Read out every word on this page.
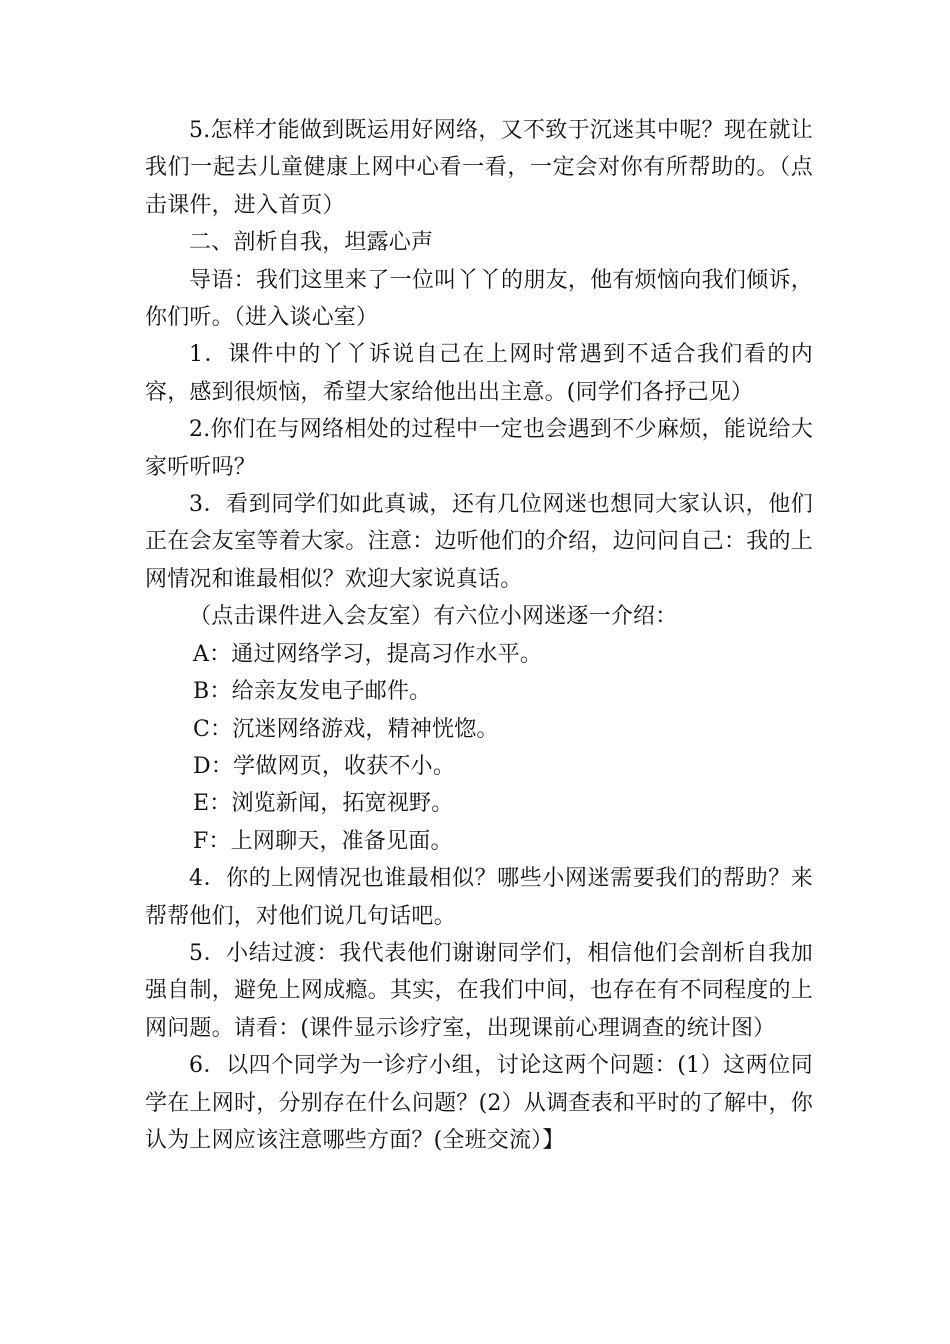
5.怎样才能做到既运用好网络，又不致于沉迷其中呢？现在就让我们一起去儿童健康上网中心看一看，一定会对你有所帮助的。（点击课件，进入首页）

二、剖析自我，坦露心声

导语：我们这里来了一位叫丫丫的朋友，他有烦恼向我们倾诉，你们听。（进入谈心室）

1．课件中的丫丫诉说自己在上网时常遇到不适合我们看的内容，感到很烦恼，希望大家给他出出主意。(同学们各抒己见）

2.你们在与网络相处的过程中一定也会遇到不少麻烦，能说给大家听听吗？

3．看到同学们如此真诚，还有几位网迷也想同大家认识，他们正在会友室等着大家。注意：边听他们的介绍，边问问自己：我的上网情况和谁最相似？欢迎大家说真话。

（点击课件进入会友室）有六位小网迷逐一介绍：

A：通过网络学习，提高习作水平。

B：给亲友发电子邮件。

C：沉迷网络游戏，精神恍惚。

D：学做网页，收获不小。

E：浏览新闻，拓宽视野。

F：上网聊天，准备见面。

4．你的上网情况也谁最相似？哪些小网迷需要我们的帮助？来帮帮他们，对他们说几句话吧。

5．小结过渡：我代表他们谢谢同学们，相信他们会剖析自我加强自制，避免上网成瘾。其实，在我们中间，也存在有不同程度的上网问题。请看：(课件显示诊疗室，出现课前心理调查的统计图）

6．以四个同学为一诊疗小组，讨论这两个问题：(1）这两位同学在上网时，分别存在什么问题？(2）从调查表和平时的了解中，你认为上网应该注意哪些方面？(全班交流）】
